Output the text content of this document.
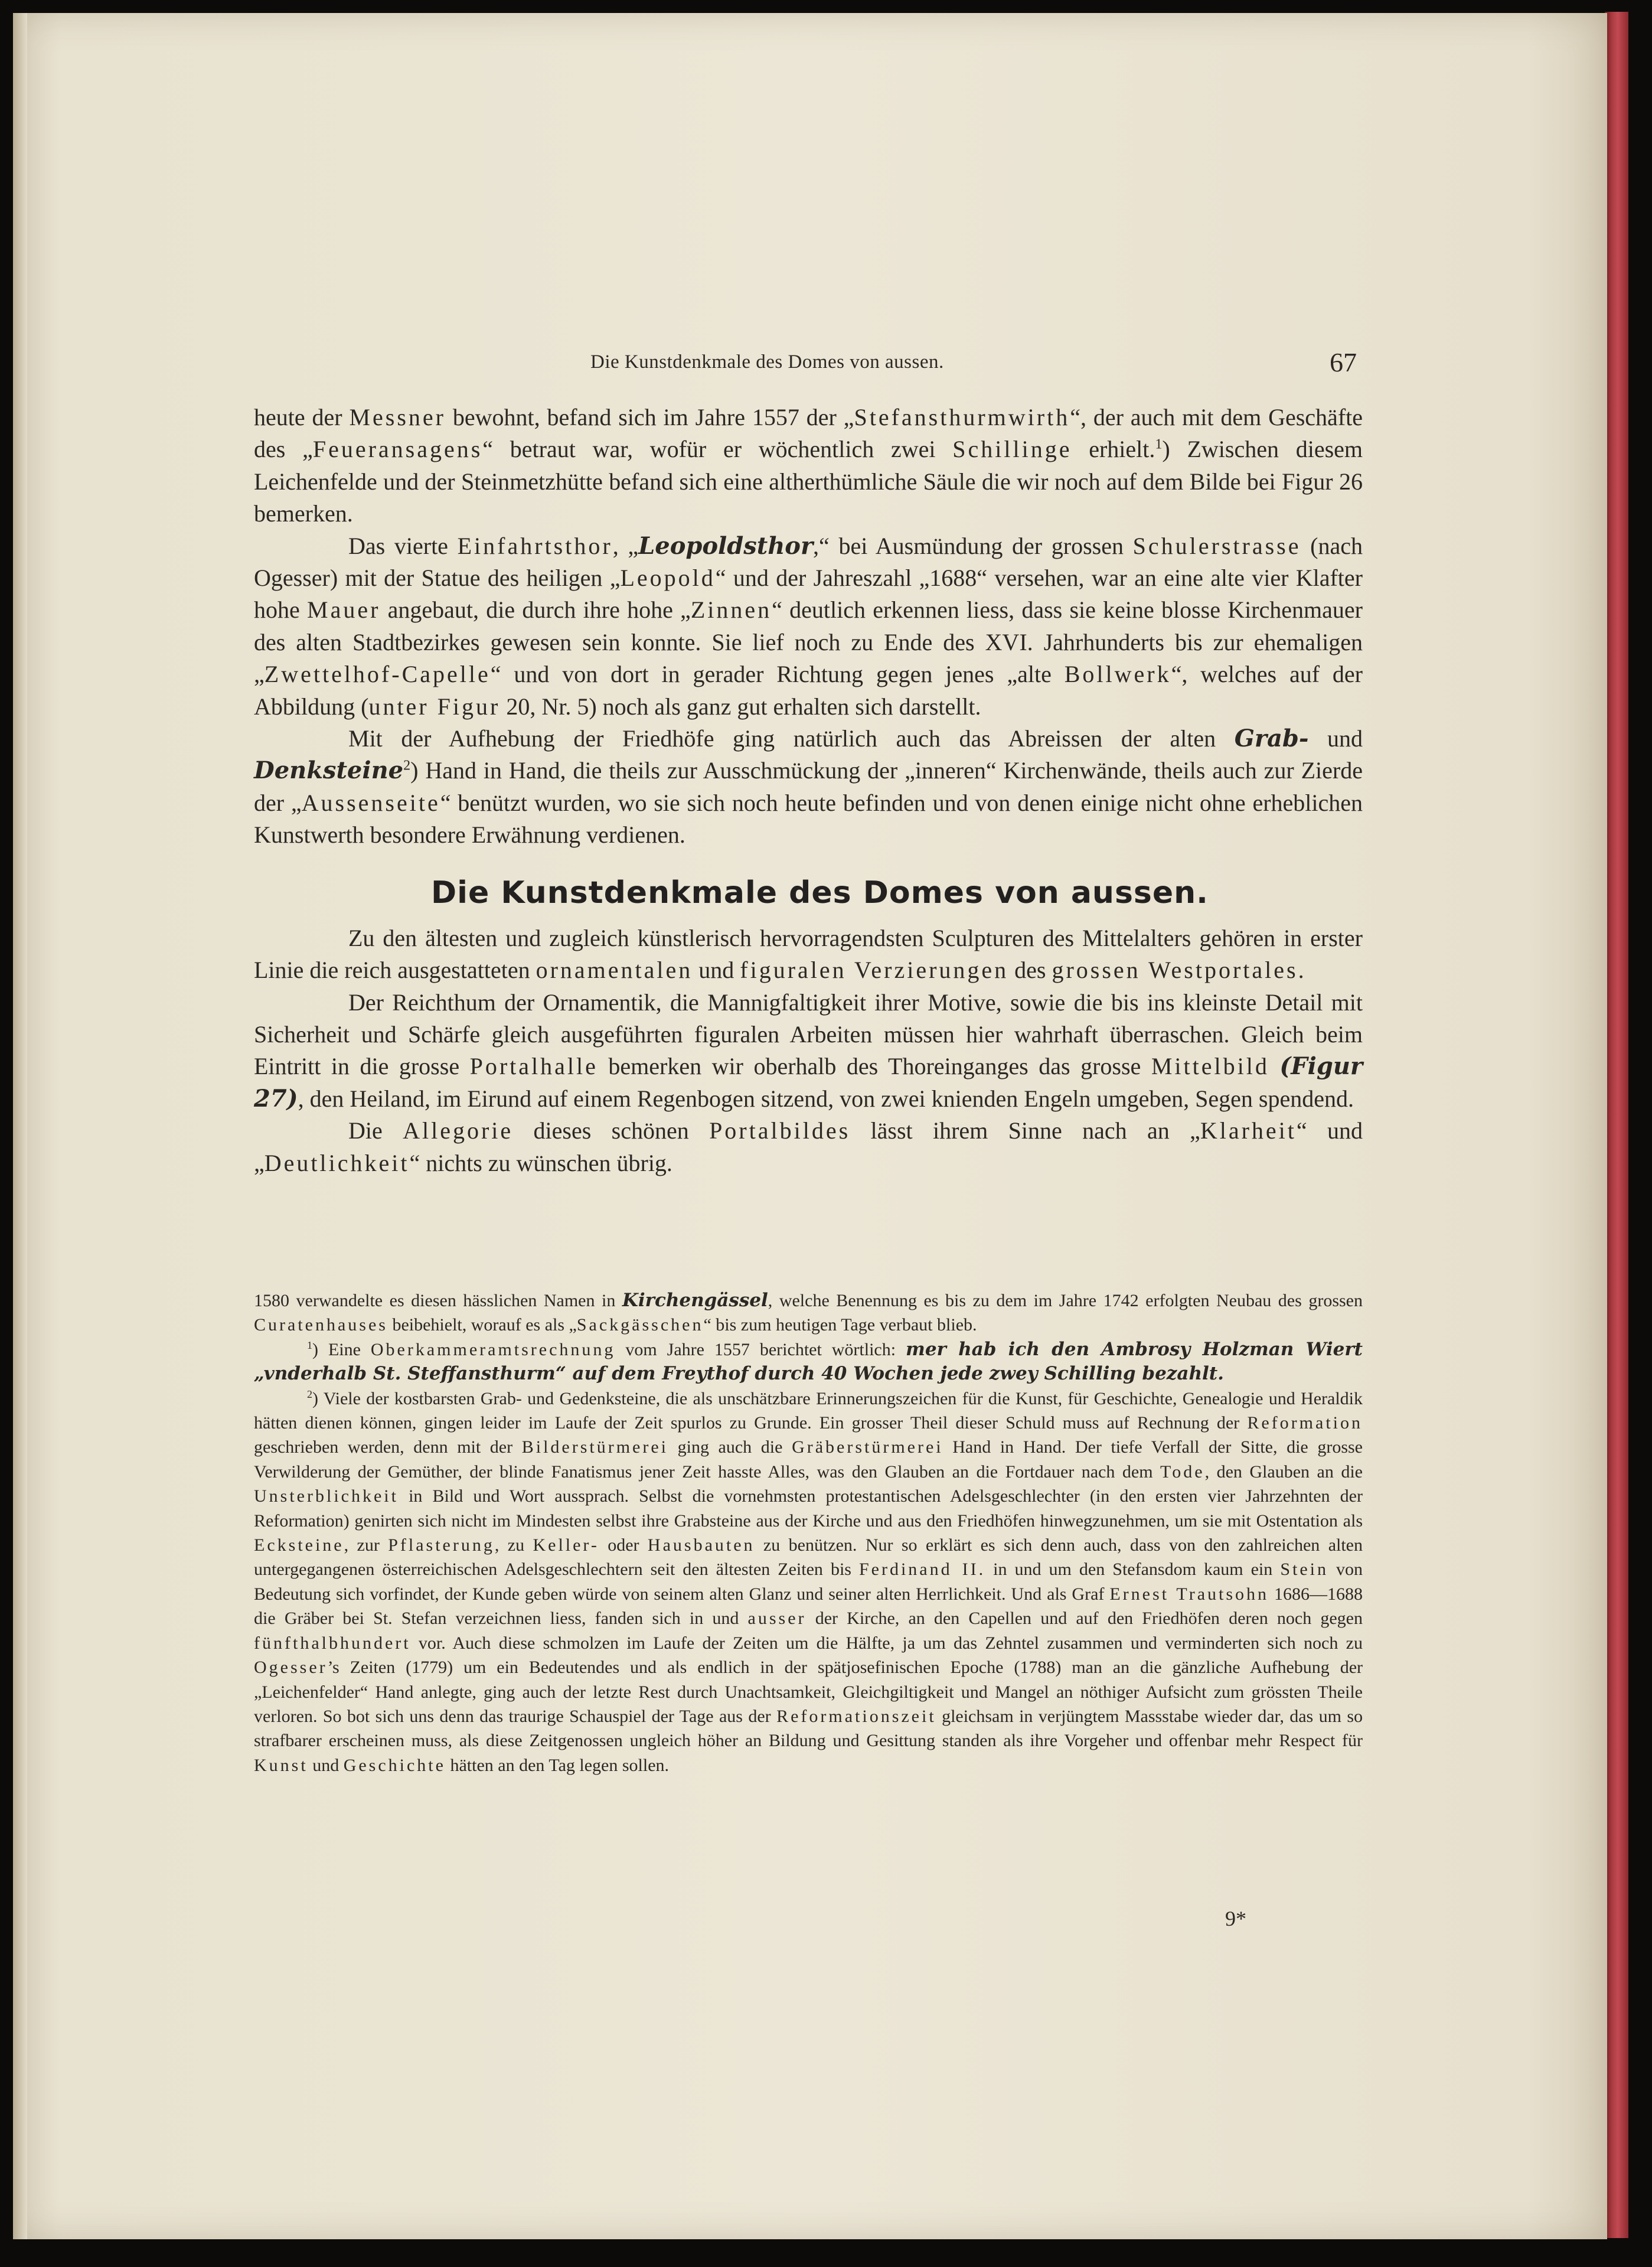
Die Kunstdenkmale des Domes von aussen.	67

heute der Messner bewohnt, befand sich im Jahre 1557 der „Stefansthurmwirth“, der auch mit dem Geschäfte des „Feueransagens“ betraut war, wofür er wöchentlich zwei Schillinge erhielt.$^1$) Zwischen diesem Leichenfelde und der Steinmetzhütte befand sich eine altherthümliche Säule die wir noch auf dem Bilde bei Figur 26 bemerken.

Das vierte Einfahrtsthor, „Leopoldsthor,“ bei Ausmündung der grossen Schulerstrasse (nach Ogesser) mit der Statue des heiligen „Leopold“ und der Jahreszahl „1688“ versehen, war an eine alte vier Klafter hohe Mauer angebaut, die durch ihre hohe „Zinnen“ deutlich erkennen liess, dass sie keine blosse Kirchenmauer des alten Stadtbezirkes gewesen sein konnte. Sie lief noch zu Ende des XVI. Jahrhunderts bis zur ehemaligen „Zwettelhof-Capelle“ und von dort in gerader Richtung gegen jenes „alte Bollwerk“, welches auf der Abbildung (unter Figur 20, Nr. 5) noch als ganz gut erhalten sich darstellt.

Mit der Aufhebung der Friedhöfe ging natürlich auch das Abreissen der alten Grab- und Denksteine$^2$) Hand in Hand, die theils zur Ausschmückung der „inneren“ Kirchenwände, theils auch zur Zierde der „Aussenseite“ benützt wurden, wo sie sich noch heute befinden und von denen einige nicht ohne erheblichen Kunstwerth besondere Erwähnung verdienen.

Die Kunstdenkmale des Domes von aussen.

Zu den ältesten und zugleich künstlerisch hervorragendsten Sculpturen des Mittelalters gehören in erster Linie die reich ausgestatteten ornamentalen und figuralen Verzierungen des grossen Westportales.

Der Reichthum der Ornamentik, die Mannigfaltigkeit ihrer Motive, sowie die bis ins kleinste Detail mit Sicherheit und Schärfe gleich ausgeführten figuralen Arbeiten müssen hier wahrhaft überraschen. Gleich beim Eintritt in die grosse Portalhalle bemerken wir oberhalb des Thoreinganges das grosse Mittelbild (Figur 27), den Heiland, im Eirund auf einem Regenbogen sitzend, von zwei knienden Engeln umgeben, Segen spendend.

Die Allegorie dieses schönen Portalbildes lässt ihrem Sinne nach an „Klarheit“ und „Deutlichkeit“ nichts zu wünschen übrig.

1580 verwandelte es diesen hässlichen Namen in Kirchengässel, welche Benennung es bis zu dem im Jahre 1742 erfolgten Neubau des grossen Curatenhauses beibehielt, worauf es als „Sackgässchen“ bis zum heutigen Tage verbaut blieb.

$^1$) Eine Oberkammeramtsrechnung vom Jahre 1557 berichtet wörtlich: mer hab ich den Ambrosy Holzman Wiert „vnderhalb St. Steffansthurm“ auf dem Freythof durch 40 Wochen jede zwey Schilling bezahlt.

$^2$) Viele der kostbarsten Grab- und Gedenksteine, die als unschätzbare Erinnerungszeichen für die Kunst, für Geschichte, Genealogie und Heraldik hätten dienen können, gingen leider im Laufe der Zeit spurlos zu Grunde. Ein grosser Theil dieser Schuld muss auf Rechnung der Reformation geschrieben werden, denn mit der Bilderstürmerei ging auch die Gräberstürmerei Hand in Hand. Der tiefe Verfall der Sitte, die grosse Verwilderung der Gemüther, der blinde Fanatismus jener Zeit hasste Alles, was den Glauben an die Fortdauer nach dem Tode, den Glauben an die Unsterblichkeit in Bild und Wort aussprach. Selbst die vornehmsten protestantischen Adelsgeschlechter (in den ersten vier Jahrzehnten der Reformation) genirten sich nicht im Mindesten selbst ihre Grabsteine aus der Kirche und aus den Friedhöfen hinwegzunehmen, um sie mit Ostentation als Ecksteine, zur Pflasterung, zu Keller- oder Hausbauten zu benützen. Nur so erklärt es sich denn auch, dass von den zahlreichen alten untergegangenen österreichischen Adelsgeschlechtern seit den ältesten Zeiten bis Ferdinand II. in und um den Stefansdom kaum ein Stein von Bedeutung sich vorfindet, der Kunde geben würde von seinem alten Glanz und seiner alten Herrlichkeit. Und als Graf Ernest Trautsohn 1686—1688 die Gräber bei St. Stefan verzeichnen liess, fanden sich in und ausser der Kirche, an den Capellen und auf den Friedhöfen deren noch gegen fünfthalbhundert vor. Auch diese schmolzen im Laufe der Zeiten um die Hälfte, ja um das Zehntel zusammen und verminderten sich noch zu Ogesser’s Zeiten (1779) um ein Bedeutendes und als endlich in der spätjosefinischen Epoche (1788) man an die gänzliche Aufhebung der „Leichenfelder“ Hand anlegte, ging auch der letzte Rest durch Unachtsamkeit, Gleichgiltigkeit und Mangel an nöthiger Aufsicht zum grössten Theile verloren. So bot sich uns denn das traurige Schauspiel der Tage aus der Reformationszeit gleichsam in verjüngtem Massstabe wieder dar, das um so strafbarer erscheinen muss, als diese Zeitgenossen ungleich höher an Bildung und Gesittung standen als ihre Vorgeher und offenbar mehr Respect für Kunst und Geschichte hätten an den Tag legen sollen.

9*
